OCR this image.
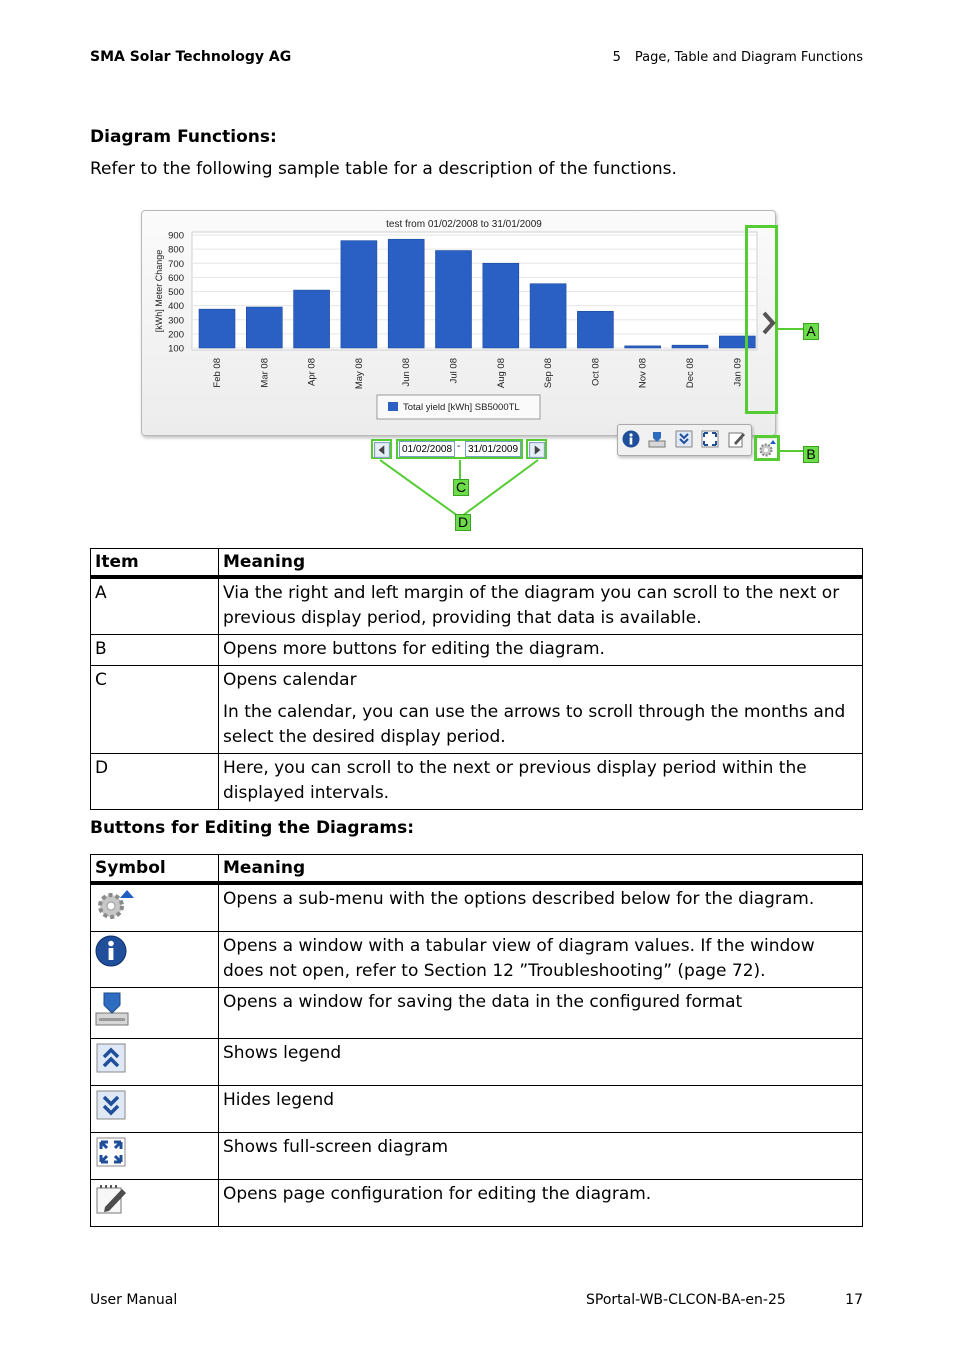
SMA Solar Technology AG	5 Page, Table and Diagram Functions
Diagram Functions:
Refer to the following sample table for a description of the functions.
test from 01/02/2008 to 31/01/2009
100
200
300
400
500
600
700
800
900
[kWh] Meter Change
Feb 08	Mar 08	Apr 08	May 08	Jun 08	Jul 08	Aug 08	Sep 08	Oct 08	Nov 08	Dec 08	Jan 09
Total yield [kWh] SB5000TL
A
B
01/02/2008 - 31/01/2009
C
D
Item	Meaning
A	Via the right and left margin of the diagram you can scroll to the next or previous display period, providing that data is available.
B	Opens more buttons for editing the diagram.
C	Opens calendar

In the calendar, you can use the arrows to scroll through the months and select the desired display period.

D	Here, you can scroll to the next or previous display period within the displayed intervals.
Buttons for Editing the Diagrams:
Symbol	Meaning
	Opens a sub-menu with the options described below for the diagram.
	Opens a window with a tabular view of diagram values. If the window does not open, refer to Section 12 ”Troubleshooting” (page 72).
	Opens a window for saving the data in the configured format
	Shows legend
	Hides legend
	Shows full-screen diagram
	Opens page configuration for editing the diagram.
User Manual	SPortal-WB-CLCON-BA-en-25	17
